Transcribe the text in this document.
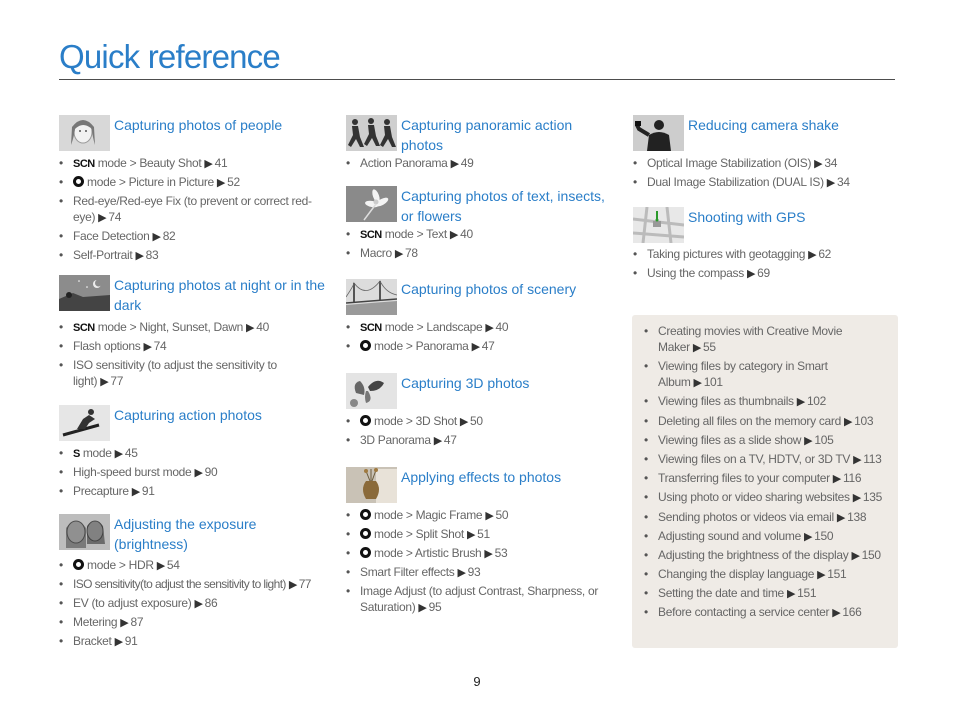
Quick reference
Capturing photos of people
• SCN mode > Beauty Shot ▶ 41
• mode > Picture in Picture ▶ 52
• Red-eye/Red-eye Fix (to prevent or correct red-eye) ▶ 74
• Face Detection ▶ 82
• Self-Portrait ▶ 83
Capturing photos at night or in the dark
• SCN mode > Night, Sunset, Dawn ▶ 40
• Flash options ▶ 74
• ISO sensitivity (to adjust the sensitivity to light) ▶ 77
Capturing action photos
• S mode ▶ 45
• High-speed burst mode ▶ 90
• Precapture ▶ 91
Adjusting the exposure (brightness)
• mode > HDR ▶ 54
• ISO sensitivity(to adjust the sensitivity to light) ▶ 77
• EV (to adjust exposure) ▶ 86
• Metering ▶ 87
• Bracket ▶ 91
Capturing panoramic action photos
• Action Panorama ▶ 49
Capturing photos of text, insects, or flowers
• SCN mode > Text ▶ 40
• Macro ▶ 78
Capturing photos of scenery
• SCN mode > Landscape ▶ 40
• mode > Panorama ▶ 47
Capturing 3D photos
• mode > 3D Shot ▶ 50
• 3D Panorama ▶ 47
Applying effects to photos
• mode > Magic Frame ▶ 50
• mode > Split Shot ▶ 51
• mode > Artistic Brush ▶ 53
• Smart Filter effects ▶ 93
• Image Adjust (to adjust Contrast, Sharpness, or Saturation) ▶ 95
Reducing camera shake
• Optical Image Stabilization (OIS) ▶ 34
• Dual Image Stabilization (DUAL IS) ▶ 34
Shooting with GPS
• Taking pictures with geotagging ▶ 62
• Using the compass ▶ 69
• Creating movies with Creative Movie Maker ▶ 55
• Viewing files by category in Smart Album ▶ 101
• Viewing files as thumbnails ▶ 102
• Deleting all files on the memory card ▶ 103
• Viewing files as a slide show ▶ 105
• Viewing files on a TV, HDTV, or 3D TV ▶ 113
• Transferring files to your computer ▶ 116
• Using photo or video sharing websites ▶ 135
• Sending photos or videos via email ▶ 138
• Adjusting sound and volume ▶ 150
• Adjusting the brightness of the display ▶ 150
• Changing the display language ▶ 151
• Setting the date and time ▶ 151
• Before contacting a service center ▶ 166
9
